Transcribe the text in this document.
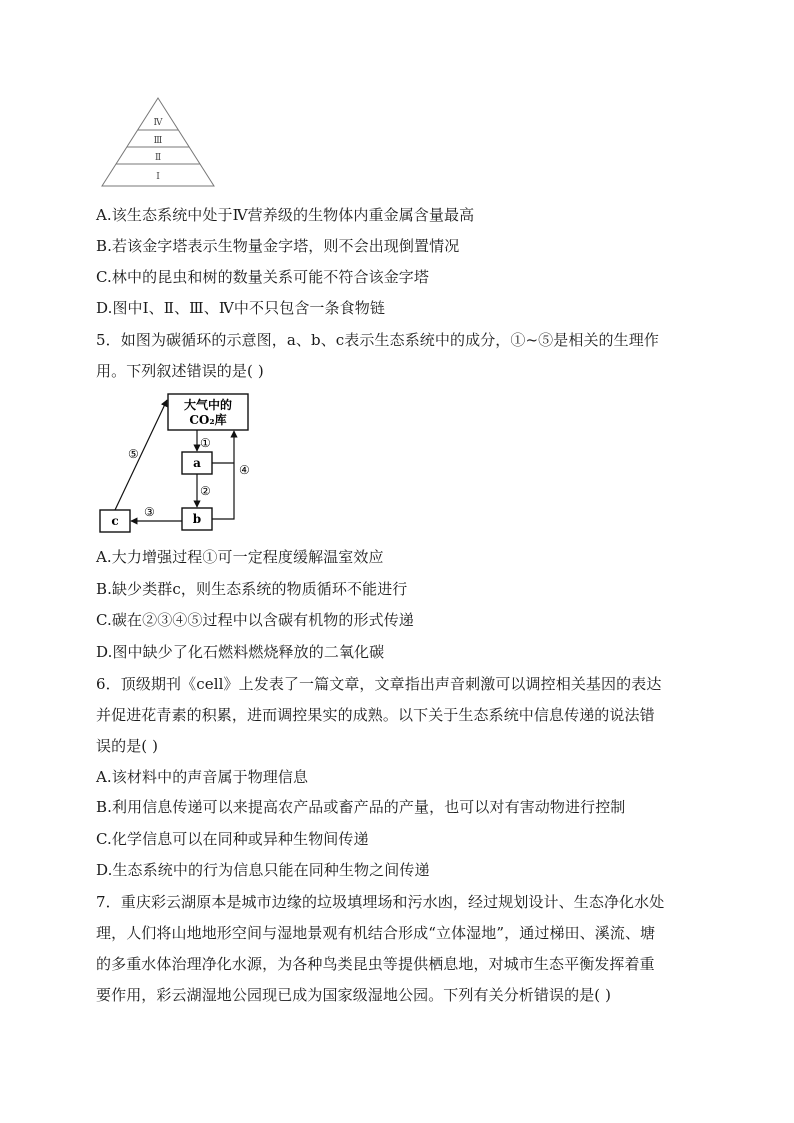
Ⅳ
Ⅲ
Ⅱ
Ⅰ
A.该生态系统中处于Ⅳ营养级的生物体内重金属含量最高
B.若该金字塔表示生物量金字塔，则不会出现倒置情况
C.林中的昆虫和树的数量关系可能不符合该金字塔
D.图中Ⅰ、Ⅱ、Ⅲ、Ⅳ中不只包含一条食物链
5．如图为碳循环的示意图，a、b、c表示生态系统中的成分，①~⑤是相关的生理作
用。下列叙述错误的是( )
大气中的
CO₂库
a
b
c
①
②
③
④
⑤
A.大力增强过程①可一定程度缓解温室效应
B.缺少类群c，则生态系统的物质循环不能进行
C.碳在②③④⑤过程中以含碳有机物的形式传递
D.图中缺少了化石燃料燃烧释放的二氧化碳
6．顶级期刊《cell》上发表了一篇文章，文章指出声音刺激可以调控相关基因的表达
并促进花青素的积累，进而调控果实的成熟。以下关于生态系统中信息传递的说法错
误的是( )
A.该材料中的声音属于物理信息
B.利用信息传递可以来提高农产品或畜产品的产量，也可以对有害动物进行控制
C.化学信息可以在同种或异种生物间传递
D.生态系统中的行为信息只能在同种生物之间传递
7．重庆彩云湖原本是城市边缘的垃圾填埋场和污水凼，经过规划设计、生态净化水处
理，人们将山地地形空间与湿地景观有机结合形成“立体湿地”，通过梯田、溪流、塘
的多重水体治理净化水源，为各种鸟类昆虫等提供栖息地，对城市生态平衡发挥着重
要作用，彩云湖湿地公园现已成为国家级湿地公园。下列有关分析错误的是( )
